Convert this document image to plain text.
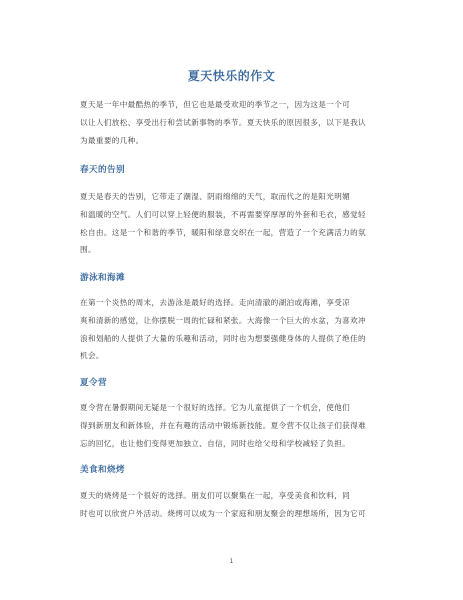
夏天快乐的作文

夏天是一年中最酷热的季节，但它也是最受欢迎的季节之一，因为这是一个可
以让人们放松、享受出行和尝试新事物的季节。夏天快乐的原因很多，以下是我认
为最重要的几种。

春天的告别

夏天是春天的告别，它带走了潮湿、阴雨绵绵的天气，取而代之的是阳光明媚
和温暖的空气。人们可以穿上轻便的服装，不再需要穿厚厚的外套和毛衣，感觉轻
松自由。这是一个和谐的季节，暖阳和绿意交织在一起，营造了一个充满活力的氛
围。

游泳和海滩

在第一个炎热的周末，去游泳是最好的选择。走向清澈的湖泊或海滩，享受凉
爽和清新的感觉，让你摆脱一周的忙碌和紧张。大海像一个巨大的水盆，为喜欢冲
浪和划船的人提供了大量的乐趣和活动，同时也为想要强健身体的人提供了绝佳的
机会。

夏令营

夏令营在暑假期间无疑是一个很好的选择。它为儿童提供了一个机会，使他们
得到新朋友和新体验，并在有趣的活动中锻炼新技能。夏令营不仅让孩子们获得难
忘的回忆，也让他们变得更加独立、自信，同时也给父母和学校减轻了负担。

美食和烧烤

夏天的烧烤是一个很好的选择。朋友们可以聚集在一起，享受美食和饮料，同
时也可以欣赏户外活动。烧烤可以成为一个家庭和朋友聚会的理想场所，因为它可

1
